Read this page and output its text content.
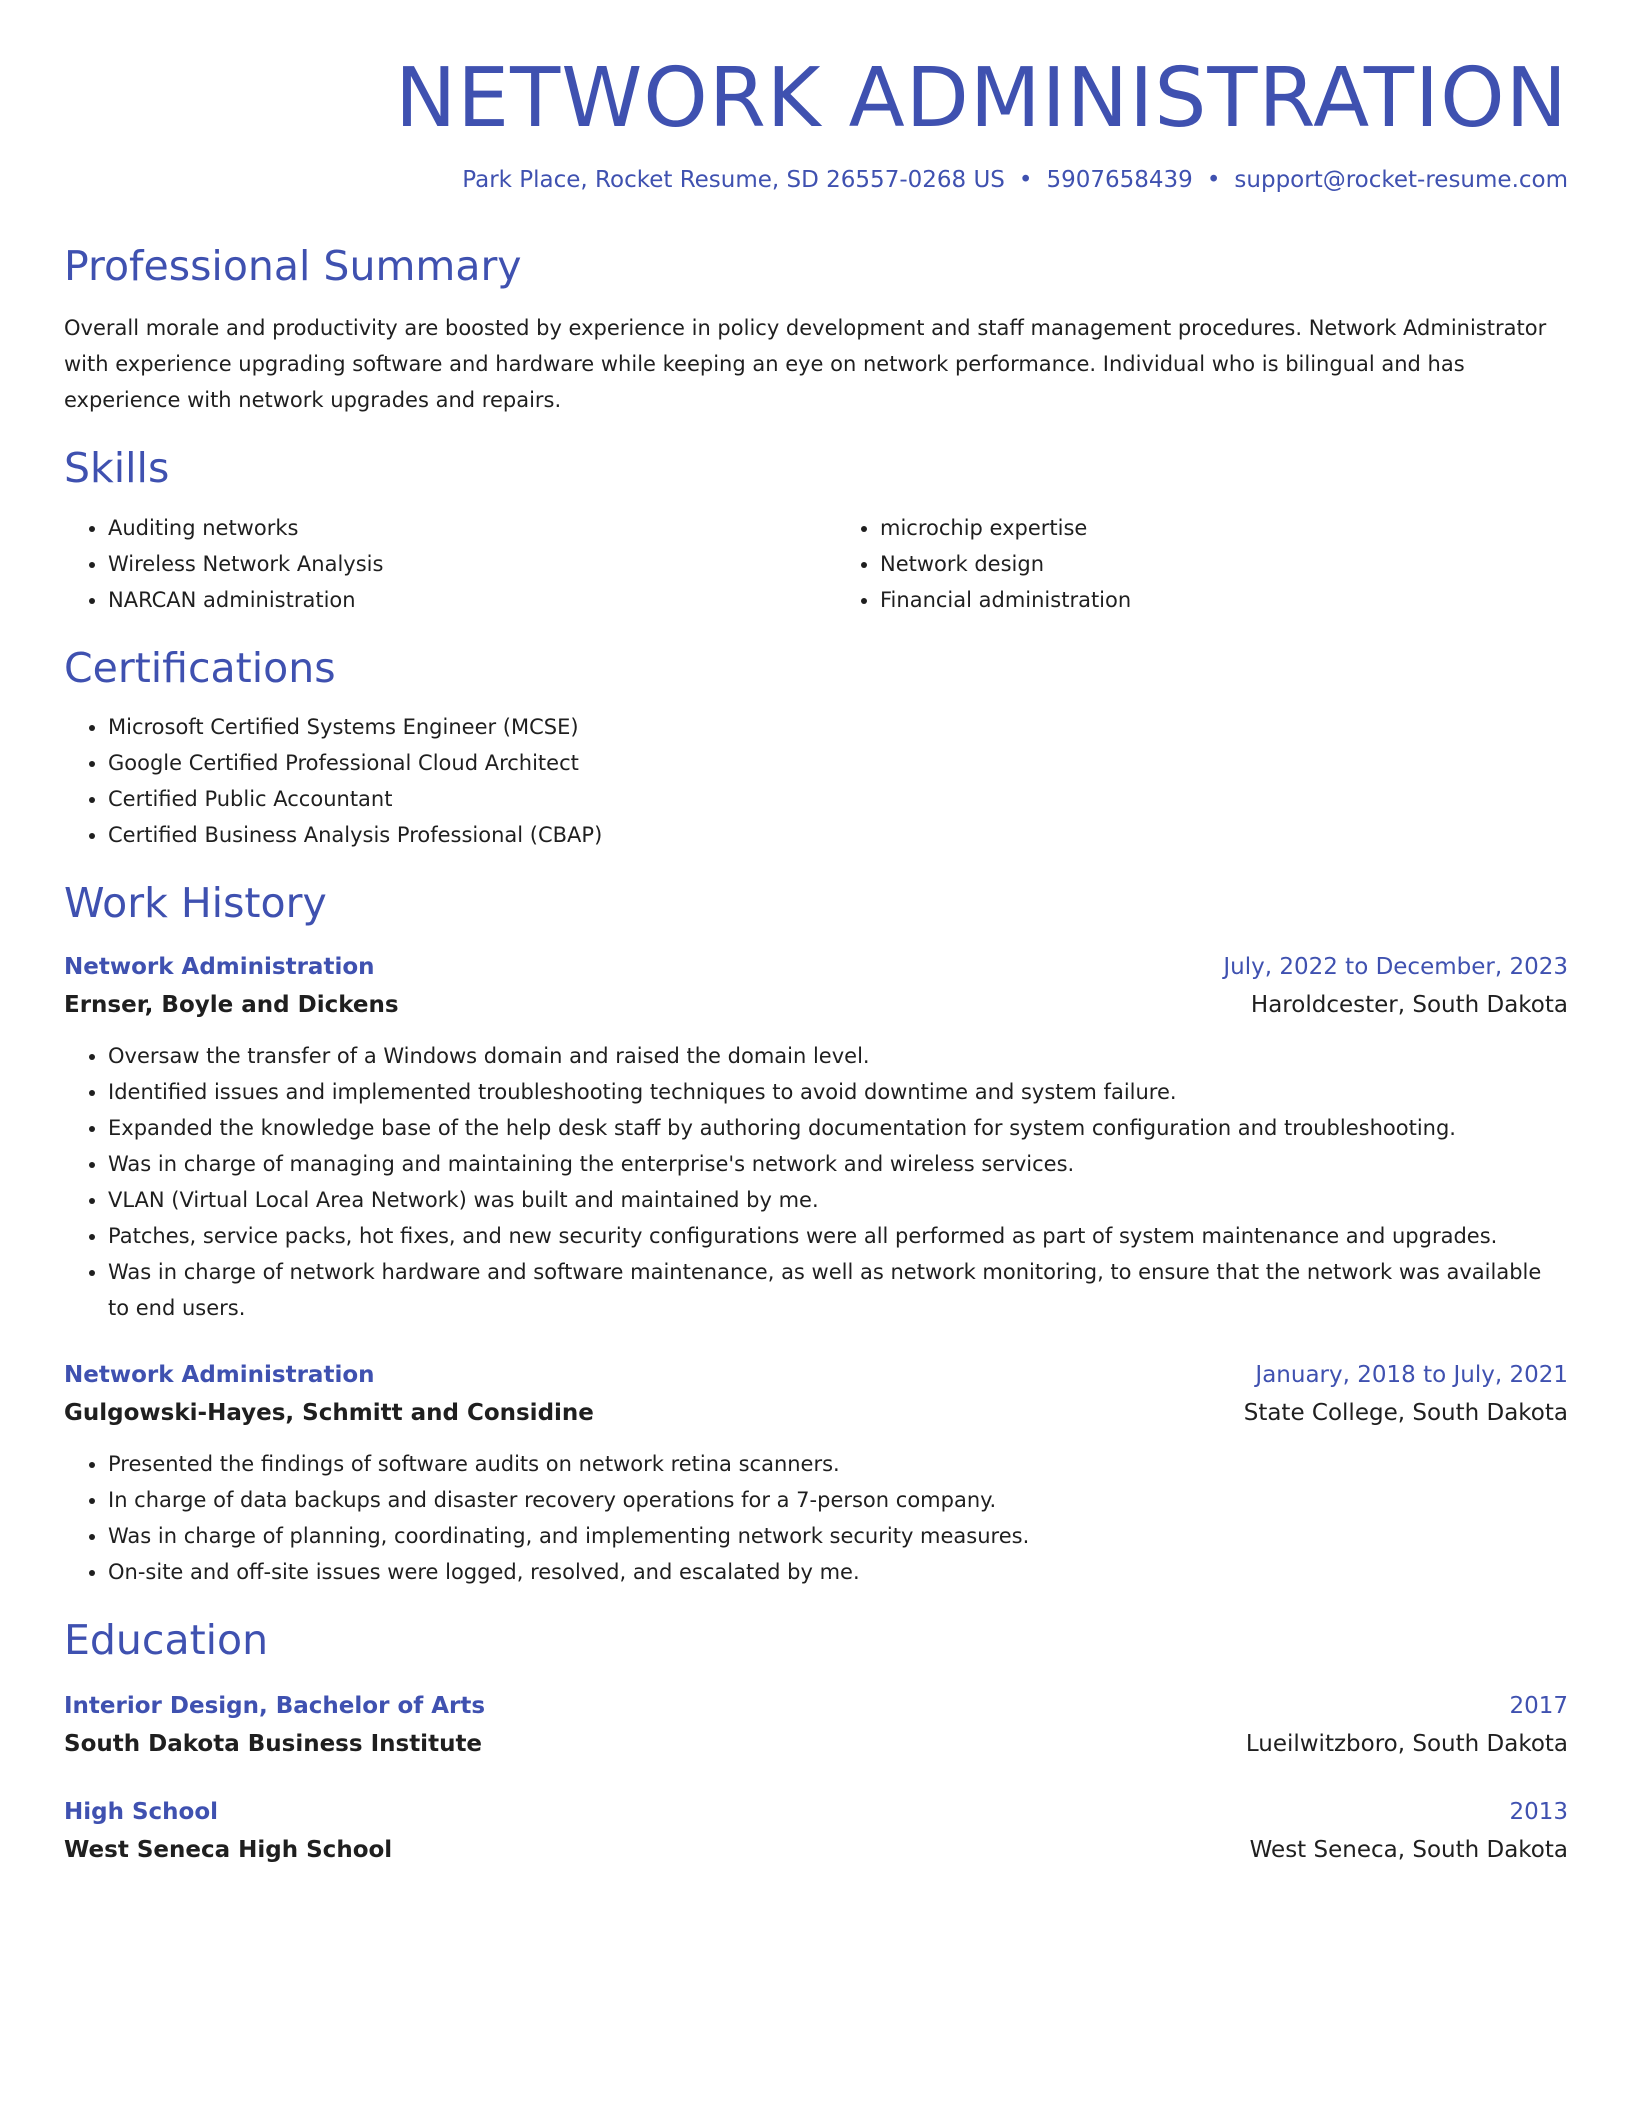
NETWORK ADMINISTRATION
Park Place, Rocket Resume, SD 26557-0268 US • 5907658439 • support@rocket-resume.com
Professional Summary
Overall morale and productivity are boosted by experience in policy development and staff management procedures. Network Administrator with experience upgrading software and hardware while keeping an eye on network performance. Individual who is bilingual and has experience with network upgrades and repairs.
Skills
• Auditing networks
• Wireless Network Analysis
• NARCAN administration
• microchip expertise
• Network design
• Financial administration
Certifications
• Microsoft Certified Systems Engineer (MCSE)
• Google Certified Professional Cloud Architect
• Certified Public Accountant
• Certified Business Analysis Professional (CBAP)
Work History
Network Administration	July, 2022 to December, 2023
Ernser, Boyle and Dickens	Haroldcester, South Dakota
• Oversaw the transfer of a Windows domain and raised the domain level.
• Identified issues and implemented troubleshooting techniques to avoid downtime and system failure.
• Expanded the knowledge base of the help desk staff by authoring documentation for system configuration and troubleshooting.
• Was in charge of managing and maintaining the enterprise's network and wireless services.
• VLAN (Virtual Local Area Network) was built and maintained by me.
• Patches, service packs, hot fixes, and new security configurations were all performed as part of system maintenance and upgrades.
• Was in charge of network hardware and software maintenance, as well as network monitoring, to ensure that the network was available to end users.
Network Administration	January, 2018 to July, 2021
Gulgowski-Hayes, Schmitt and Considine	State College, South Dakota
• Presented the findings of software audits on network retina scanners.
• In charge of data backups and disaster recovery operations for a 7-person company.
• Was in charge of planning, coordinating, and implementing network security measures.
• On-site and off-site issues were logged, resolved, and escalated by me.
Education
Interior Design, Bachelor of Arts	2017
South Dakota Business Institute	Lueilwitzboro, South Dakota
High School	2013
West Seneca High School	West Seneca, South Dakota
